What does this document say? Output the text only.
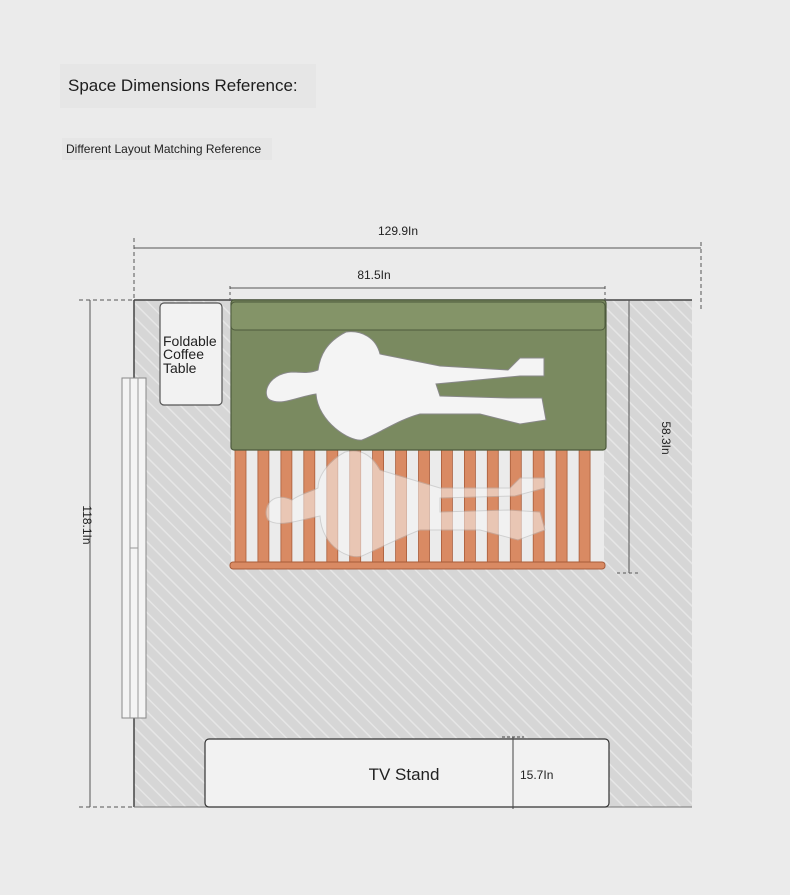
Space Dimensions Reference:
Different Layout Matching Reference
129.9In
81.5In
118.1In
58.3In
Foldable
Coffee
Table
TV Stand	15.7In
